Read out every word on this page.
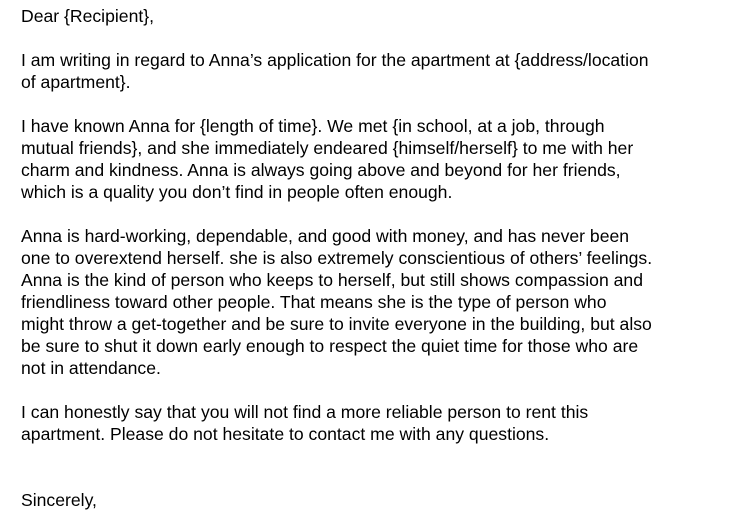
Dear {Recipient},

I am writing in regard to Anna’s application for the apartment at {address/location
of apartment}.

I have known Anna for {length of time}. We met {in school, at a job, through
mutual friends}, and she immediately endeared {himself/herself} to me with her
charm and kindness. Anna is always going above and beyond for her friends,
which is a quality you don’t find in people often enough.

Anna is hard-working, dependable, and good with money, and has never been
one to overextend herself. she is also extremely conscientious of others’ feelings.
Anna is the kind of person who keeps to herself, but still shows compassion and
friendliness toward other people. That means she is the type of person who
might throw a get-together and be sure to invite everyone in the building, but also
be sure to shut it down early enough to respect the quiet time for those who are
not in attendance.

I can honestly say that you will not find a more reliable person to rent this
apartment. Please do not hesitate to contact me with any questions.

Sincerely,
